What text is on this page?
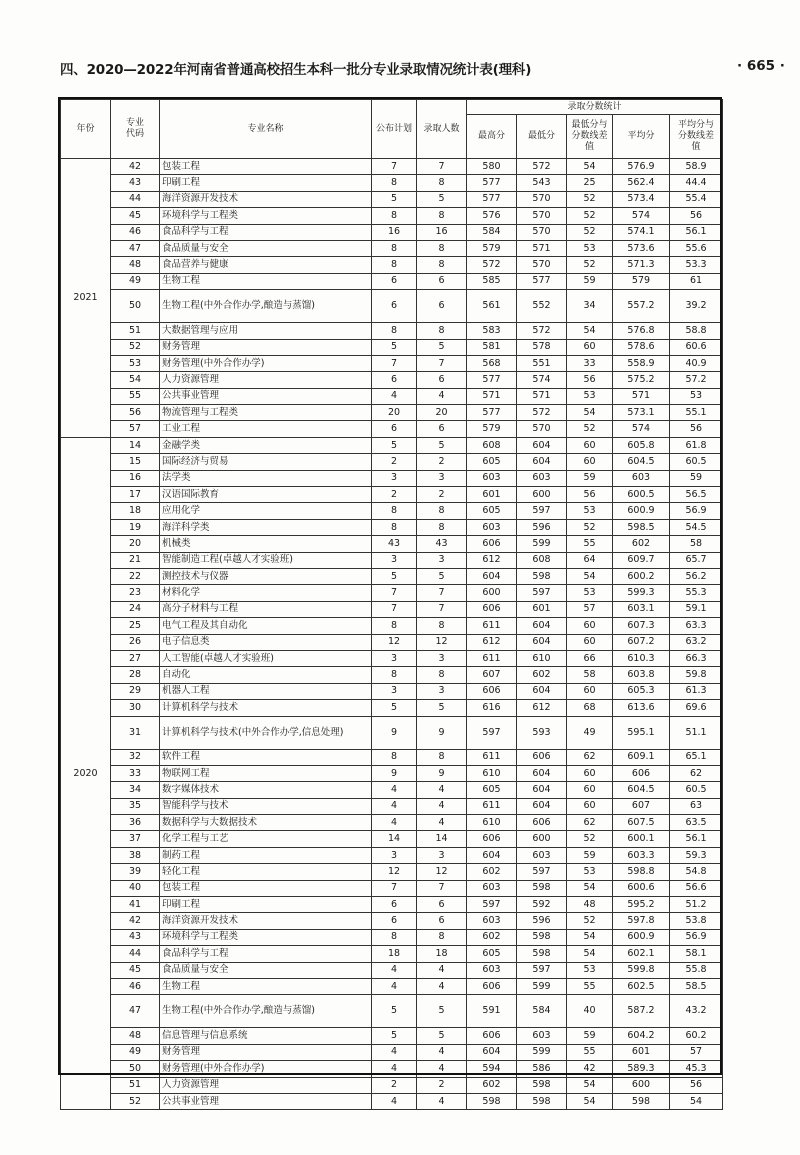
四、2020—2022年河南省普通高校招生本科一批分专业录取情况统计表(理科)	· 665 ·
年份	专业代码	专业名称	公布计划	录取人数	录取分数统计				
					最高分	最低分	最低分与分数线差值	平均分	平均分与分数线差值
2021	42	包装工程	7	7	580	572	54	576.9	58.9
	43	印刷工程	8	8	577	543	25	562.4	44.4
	44	海洋资源开发技术	5	5	577	570	52	573.4	55.4
	45	环境科学与工程类	8	8	576	570	52	574	56
	46	食品科学与工程	16	16	584	570	52	574.1	56.1
	47	食品质量与安全	8	8	579	571	53	573.6	55.6
	48	食品营养与健康	8	8	572	570	52	571.3	53.3
	49	生物工程	6	6	585	577	59	579	61
	50	生物工程(中外合作办学,酿造与蒸馏)	6	6	561	552	34	557.2	39.2
	51	大数据管理与应用	8	8	583	572	54	576.8	58.8
	52	财务管理	5	5	581	578	60	578.6	60.6
	53	财务管理(中外合作办学)	7	7	568	551	33	558.9	40.9
	54	人力资源管理	6	6	577	574	56	575.2	57.2
	55	公共事业管理	4	4	571	571	53	571	53
	56	物流管理与工程类	20	20	577	572	54	573.1	55.1
	57	工业工程	6	6	579	570	52	574	56
2020	14	金融学类	5	5	608	604	60	605.8	61.8
	15	国际经济与贸易	2	2	605	604	60	604.5	60.5
	16	法学类	3	3	603	603	59	603	59
	17	汉语国际教育	2	2	601	600	56	600.5	56.5
	18	应用化学	8	8	605	597	53	600.9	56.9
	19	海洋科学类	8	8	603	596	52	598.5	54.5
	20	机械类	43	43	606	599	55	602	58
	21	智能制造工程(卓越人才实验班)	3	3	612	608	64	609.7	65.7
	22	测控技术与仪器	5	5	604	598	54	600.2	56.2
	23	材料化学	7	7	600	597	53	599.3	55.3
	24	高分子材料与工程	7	7	606	601	57	603.1	59.1
	25	电气工程及其自动化	8	8	611	604	60	607.3	63.3
	26	电子信息类	12	12	612	604	60	607.2	63.2
	27	人工智能(卓越人才实验班)	3	3	611	610	66	610.3	66.3
	28	自动化	8	8	607	602	58	603.8	59.8
	29	机器人工程	3	3	606	604	60	605.3	61.3
	30	计算机科学与技术	5	5	616	612	68	613.6	69.6
	31	计算机科学与技术(中外合作办学,信息处理)	9	9	597	593	49	595.1	51.1
	32	软件工程	8	8	611	606	62	609.1	65.1
	33	物联网工程	9	9	610	604	60	606	62
	34	数字媒体技术	4	4	605	604	60	604.5	60.5
	35	智能科学与技术	4	4	611	604	60	607	63
	36	数据科学与大数据技术	4	4	610	606	62	607.5	63.5
	37	化学工程与工艺	14	14	606	600	52	600.1	56.1
	38	制药工程	3	3	604	603	59	603.3	59.3
	39	轻化工程	12	12	602	597	53	598.8	54.8
	40	包装工程	7	7	603	598	54	600.6	56.6
	41	印刷工程	6	6	597	592	48	595.2	51.2
	42	海洋资源开发技术	6	6	603	596	52	597.8	53.8
	43	环境科学与工程类	8	8	602	598	54	600.9	56.9
	44	食品科学与工程	18	18	605	598	54	602.1	58.1
	45	食品质量与安全	4	4	603	597	53	599.8	55.8
	46	生物工程	4	4	606	599	55	602.5	58.5
	47	生物工程(中外合作办学,酿造与蒸馏)	5	5	591	584	40	587.2	43.2
	48	信息管理与信息系统	5	5	606	603	59	604.2	60.2
	49	财务管理	4	4	604	599	55	601	57
	50	财务管理(中外合作办学)	4	4	594	586	42	589.3	45.3
	51	人力资源管理	2	2	602	598	54	600	56
	52	公共事业管理	4	4	598	598	54	598	54
